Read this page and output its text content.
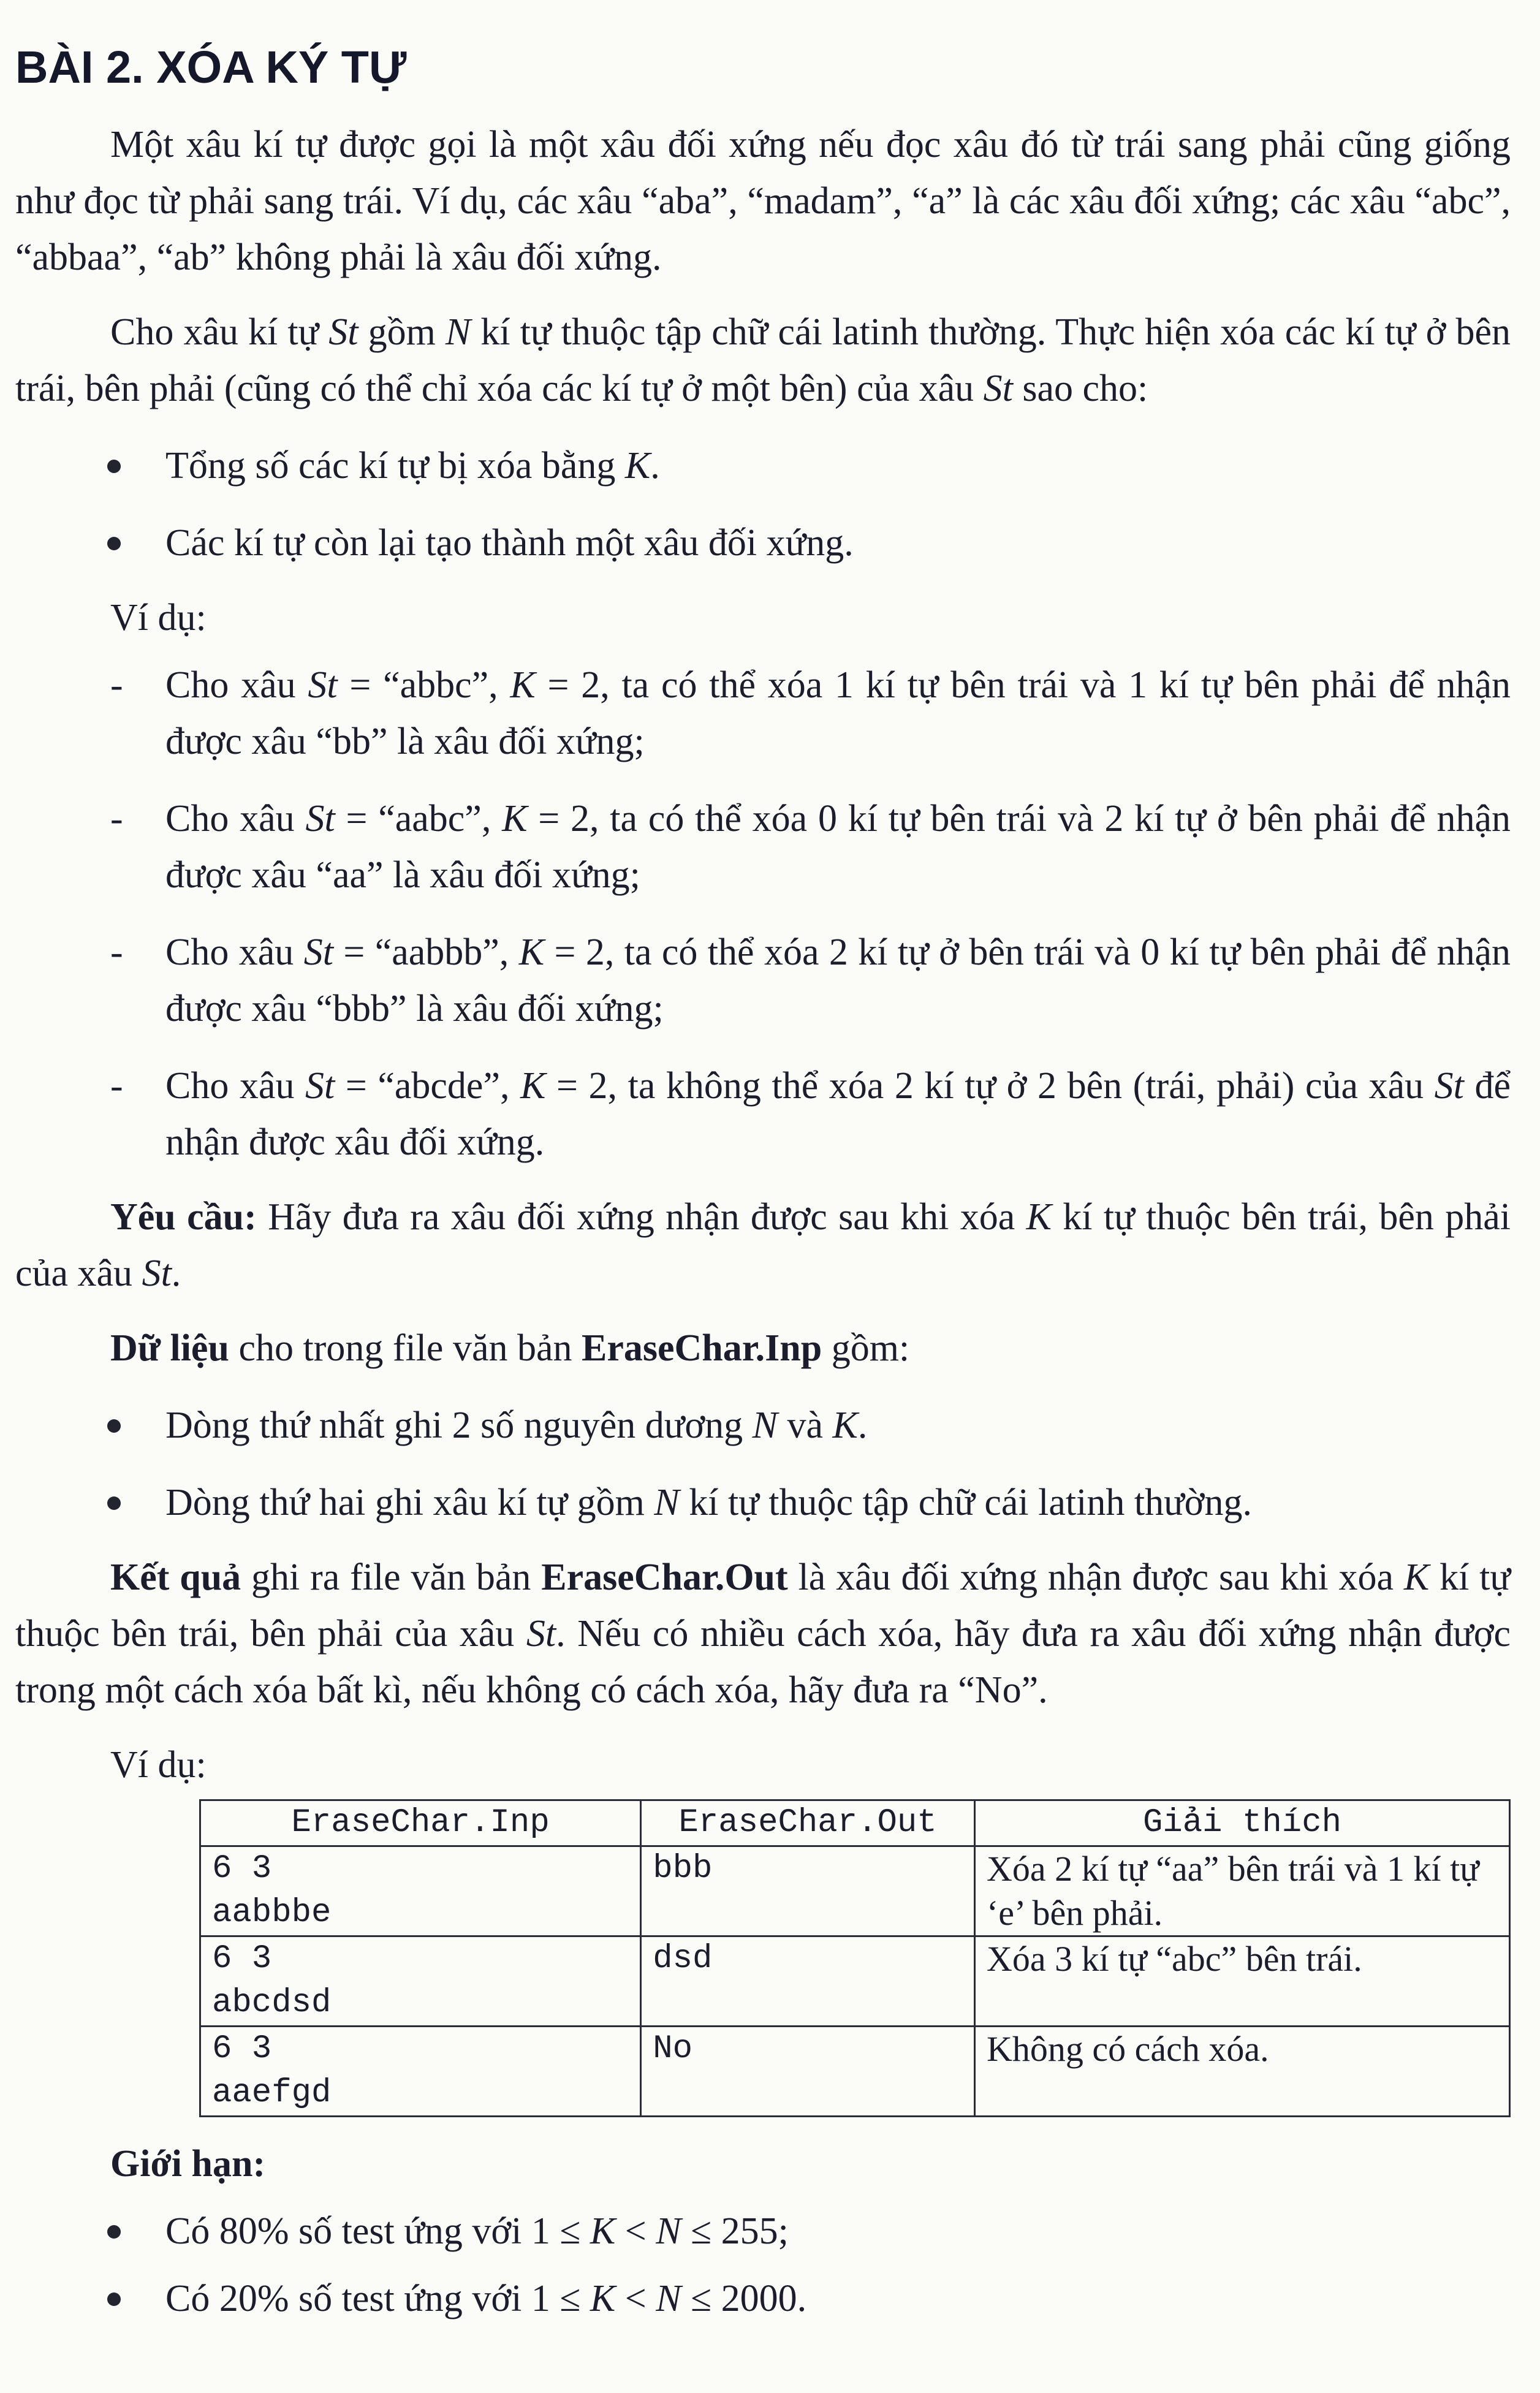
BÀI 2. XÓA KÝ TỰ

Một xâu kí tự được gọi là một xâu đối xứng nếu đọc xâu đó từ trái sang phải cũng giống như đọc từ phải sang trái. Ví dụ, các xâu “aba”, “madam”, “a” là các xâu đối xứng; các xâu “abc”, “abbaa”, “ab” không phải là xâu đối xứng.

Cho xâu kí tự St gồm N kí tự thuộc tập chữ cái latinh thường. Thực hiện xóa các kí tự ở bên trái, bên phải (cũng có thể chỉ xóa các kí tự ở một bên) của xâu St sao cho:

Tổng số các kí tự bị xóa bằng K.
Các kí tự còn lại tạo thành một xâu đối xứng.

Ví dụ:

- Cho xâu St = “abbc”, K = 2, ta có thể xóa 1 kí tự bên trái và 1 kí tự bên phải để nhận được xâu “bb” là xâu đối xứng;
- Cho xâu St = “aabc”, K = 2, ta có thể xóa 0 kí tự bên trái và 2 kí tự ở bên phải để nhận được xâu “aa” là xâu đối xứng;
- Cho xâu St = “aabbb”, K = 2, ta có thể xóa 2 kí tự ở bên trái và 0 kí tự bên phải để nhận được xâu “bbb” là xâu đối xứng;
- Cho xâu St = “abcde”, K = 2, ta không thể xóa 2 kí tự ở 2 bên (trái, phải) của xâu St để nhận được xâu đối xứng.

Yêu cầu: Hãy đưa ra xâu đối xứng nhận được sau khi xóa K kí tự thuộc bên trái, bên phải của xâu St.

Dữ liệu cho trong file văn bản EraseChar.Inp gồm:

Dòng thứ nhất ghi 2 số nguyên dương N và K.
Dòng thứ hai ghi xâu kí tự gồm N kí tự thuộc tập chữ cái latinh thường.

Kết quả ghi ra file văn bản EraseChar.Out là xâu đối xứng nhận được sau khi xóa K kí tự thuộc bên trái, bên phải của xâu St. Nếu có nhiều cách xóa, hãy đưa ra xâu đối xứng nhận được trong một cách xóa bất kì, nếu không có cách xóa, hãy đưa ra “No”.

Ví dụ:

EraseChar.Inp	EraseChar.Out	Giải thích

6 3
aabbbe	bbb	Xóa 2 kí tự “aa” bên trái và 1 kí tự ‘e’ bên phải.

6 3
abcdsd	dsd	Xóa 3 kí tự “abc” bên trái.

6 3
aaefgd	No	Không có cách xóa.

Giới hạn:

Có 80% số test ứng với 1 ≤ K < N ≤ 255;
Có 20% số test ứng với 1 ≤ K < N ≤ 2000.
